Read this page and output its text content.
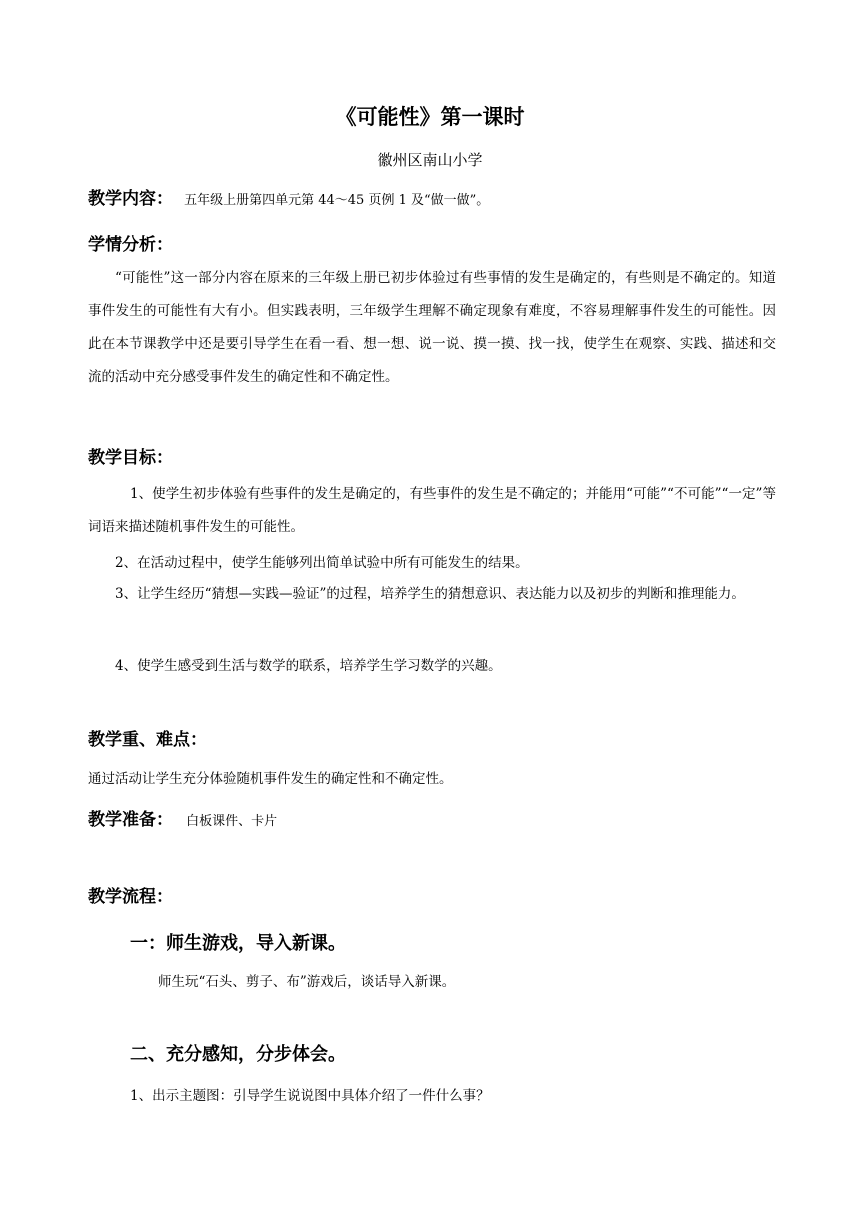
《可能性》第一课时
徽州区南山小学
教学内容： 五年级上册第四单元第 44～45 页例 1 及“做一做”。
学情分析：
“可能性”这一部分内容在原来的三年级上册已初步体验过有些事情的发生是确定的，有些则是不确定的。知道事件发生的可能性有大有小。但实践表明，三年级学生理解不确定现象有难度，不容易理解事件发生的可能性。因此在本节课教学中还是要引导学生在看一看、想一想、说一说、摸一摸、找一找，使学生在观察、实践、描述和交流的活动中充分感受事件发生的确定性和不确定性。
教学目标：
1、使学生初步体验有些事件的发生是确定的，有些事件的发生是不确定的；并能用“可能”“不可能”“一定”等词语来描述随机事件发生的可能性。
2、在活动过程中，使学生能够列出简单试验中所有可能发生的结果。
3、让学生经历“猜想—实践—验证”的过程，培养学生的猜想意识、表达能力以及初步的判断和推理能力。
4、使学生感受到生活与数学的联系，培养学生学习数学的兴趣。
教学重、难点：
通过活动让学生充分体验随机事件发生的确定性和不确定性。
教学准备： 白板课件、卡片
教学流程：
一：师生游戏，导入新课。
师生玩“石头、剪子、布”游戏后，谈话导入新课。
二、充分感知，分步体会。
1、出示主题图：引导学生说说图中具体介绍了一件什么事？
